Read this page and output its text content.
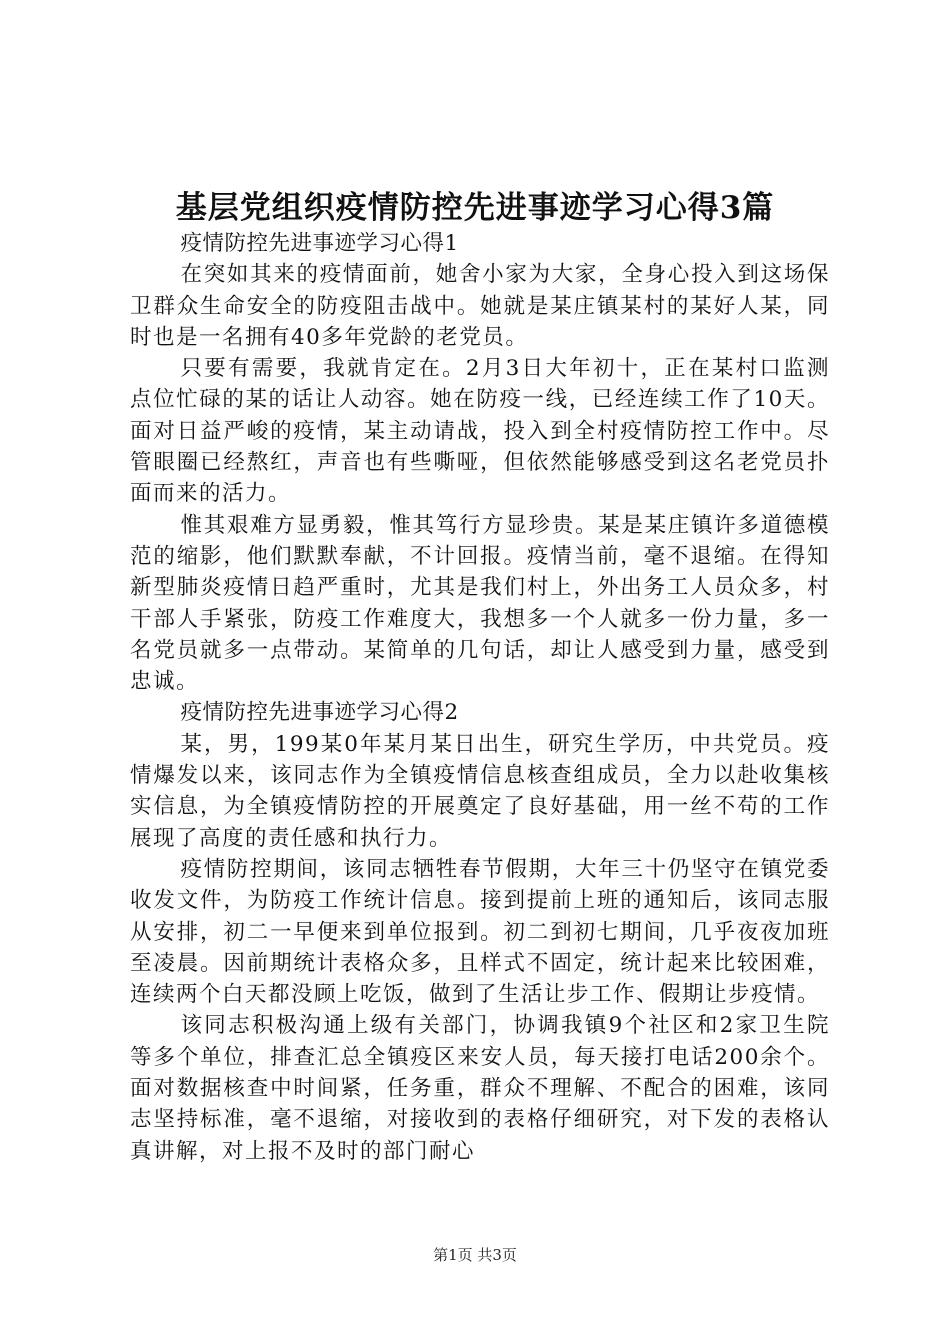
基层党组织疫情防控先进事迹学习心得3篇

疫情防控先进事迹学习心得1

在突如其来的疫情面前，她舍小家为大家，全身心投入到这场保卫群众生命安全的防疫阻击战中。她就是某庄镇某村的某好人某，同时也是一名拥有40多年党龄的老党员。

只要有需要，我就肯定在。2月3日大年初十，正在某村口监测点位忙碌的某的话让人动容。她在防疫一线，已经连续工作了10天。面对日益严峻的疫情，某主动请战，投入到全村疫情防控工作中。尽管眼圈已经熬红，声音也有些嘶哑，但依然能够感受到这名老党员扑面而来的活力。

惟其艰难方显勇毅，惟其笃行方显珍贵。某是某庄镇许多道德模范的缩影，他们默默奉献，不计回报。疫情当前，毫不退缩。在得知新型肺炎疫情日趋严重时，尤其是我们村上，外出务工人员众多，村干部人手紧张，防疫工作难度大，我想多一个人就多一份力量，多一名党员就多一点带动。某简单的几句话，却让人感受到力量，感受到忠诚。

疫情防控先进事迹学习心得2

某，男，199某0年某月某日出生，研究生学历，中共党员。疫情爆发以来，该同志作为全镇疫情信息核查组成员，全力以赴收集核实信息，为全镇疫情防控的开展奠定了良好基础，用一丝不苟的工作展现了高度的责任感和执行力。

疫情防控期间，该同志牺牲春节假期，大年三十仍坚守在镇党委收发文件，为防疫工作统计信息。接到提前上班的通知后，该同志服从安排，初二一早便来到单位报到。初二到初七期间，几乎夜夜加班至凌晨。因前期统计表格众多，且样式不固定，统计起来比较困难，连续两个白天都没顾上吃饭，做到了生活让步工作、假期让步疫情。

该同志积极沟通上级有关部门，协调我镇9个社区和2家卫生院等多个单位，排查汇总全镇疫区来安人员，每天接打电话200余个。面对数据核查中时间紧，任务重，群众不理解、不配合的困难，该同志坚持标准，毫不退缩，对接收到的表格仔细研究，对下发的表格认真讲解，对上报不及时的部门耐心

第1页 共3页
